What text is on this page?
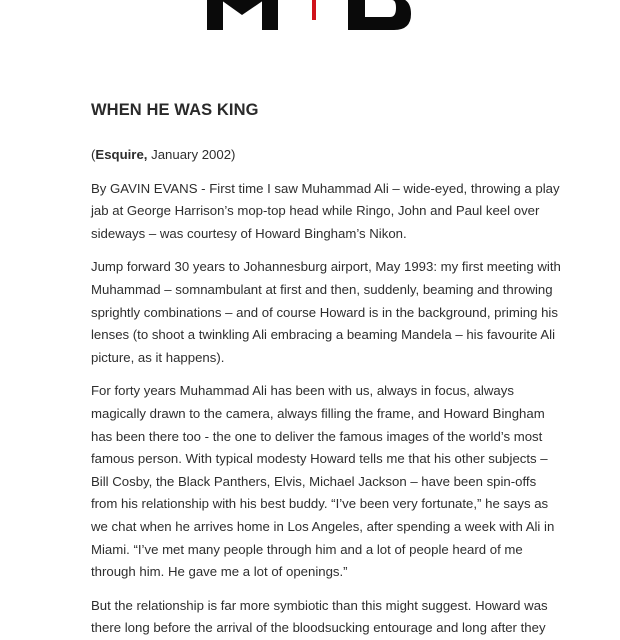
WHEN HE WAS KING

(Esquire, January 2002)

By GAVIN EVANS - First time I saw Muhammad Ali – wide-eyed, throwing a play
jab at George Harrison’s mop-top head while Ringo, John and Paul keel over
sideways – was courtesy of Howard Bingham’s Nikon.

Jump forward 30 years to Johannesburg airport, May 1993: my first meeting with
Muhammad – somnambulant at first and then, suddenly, beaming and throwing
sprightly combinations – and of course Howard is in the background, priming his
lenses (to shoot a twinkling Ali embracing a beaming Mandela – his favourite Ali
picture, as it happens).

For forty years Muhammad Ali has been with us, always in focus, always
magically drawn to the camera, always filling the frame, and Howard Bingham
has been there too - the one to deliver the famous images of the world’s most
famous person. With typical modesty Howard tells me that his other subjects –
Bill Cosby, the Black Panthers, Elvis, Michael Jackson – have been spin-offs
from his relationship with his best buddy. “I’ve been very fortunate,” he says as
we chat when he arrives home in Los Angeles, after spending a week with Ali in
Miami. “I’ve met many people through him and a lot of people heard of me
through him. He gave me a lot of openings.”

But the relationship is far more symbiotic than this might suggest. Howard was
there long before the arrival of the bloodsucking entourage and long after they
